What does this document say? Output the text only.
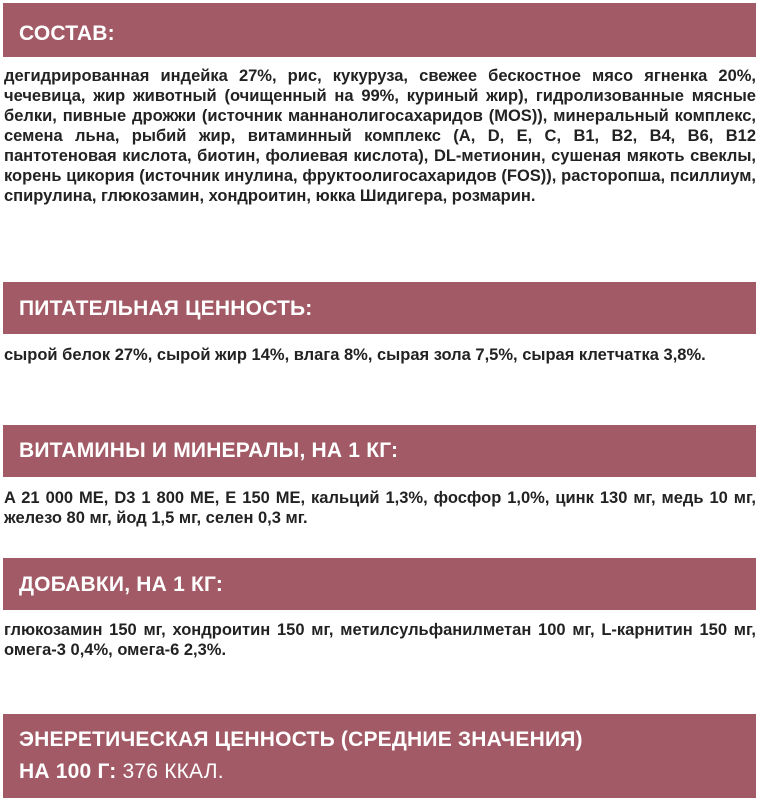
СОСТАВ:

дегидрированная индейка 27%, рис, кукуруза, свежее бескостное мясо ягненка 20%, чечевица, жир животный (очищенный на 99%, куриный жир), гидролизованные мясные белки, пивные дрожжи (источник маннанолигосахаридов (MOS)), минеральный комплекс, семена льна, рыбий жир, витаминный комплекс (A, D, E, C, B1, B2, B4, B6, B12 пантотеновая кислота, биотин, фолиевая кислота), DL-метионин, сушеная мякоть свеклы, корень цикория (источник инулина, фруктоолигосахаридов (FOS)), расторопша, псиллиум, спирулина, глюкозамин, хондроитин, юкка Шидигера, розмарин.

ПИТАТЕЛЬНАЯ ЦЕННОСТЬ:

сырой белок 27%, сырой жир 14%, влага 8%, сырая зола 7,5%, сырая клетчатка 3,8%.

ВИТАМИНЫ И МИНЕРАЛЫ, НА 1 КГ:

A 21 000 ME, D3 1 800 ME, E 150 ME, кальций 1,3%, фосфор 1,0%, цинк 130 мг, медь 10 мг, железо 80 мг, йод 1,5 мг, селен 0,3 мг.

ДОБАВКИ, НА 1 КГ:

глюкозамин 150 мг, хондроитин 150 мг, метилсульфанилметан 100 мг, L-карнитин 150 мг, омега-3 0,4%, омега-6 2,3%.

ЭНЕРЕТИЧЕСКАЯ ЦЕННОСТЬ (СРЕДНИЕ ЗНАЧЕНИЯ)
НА 100 Г: 376 ККАЛ.
